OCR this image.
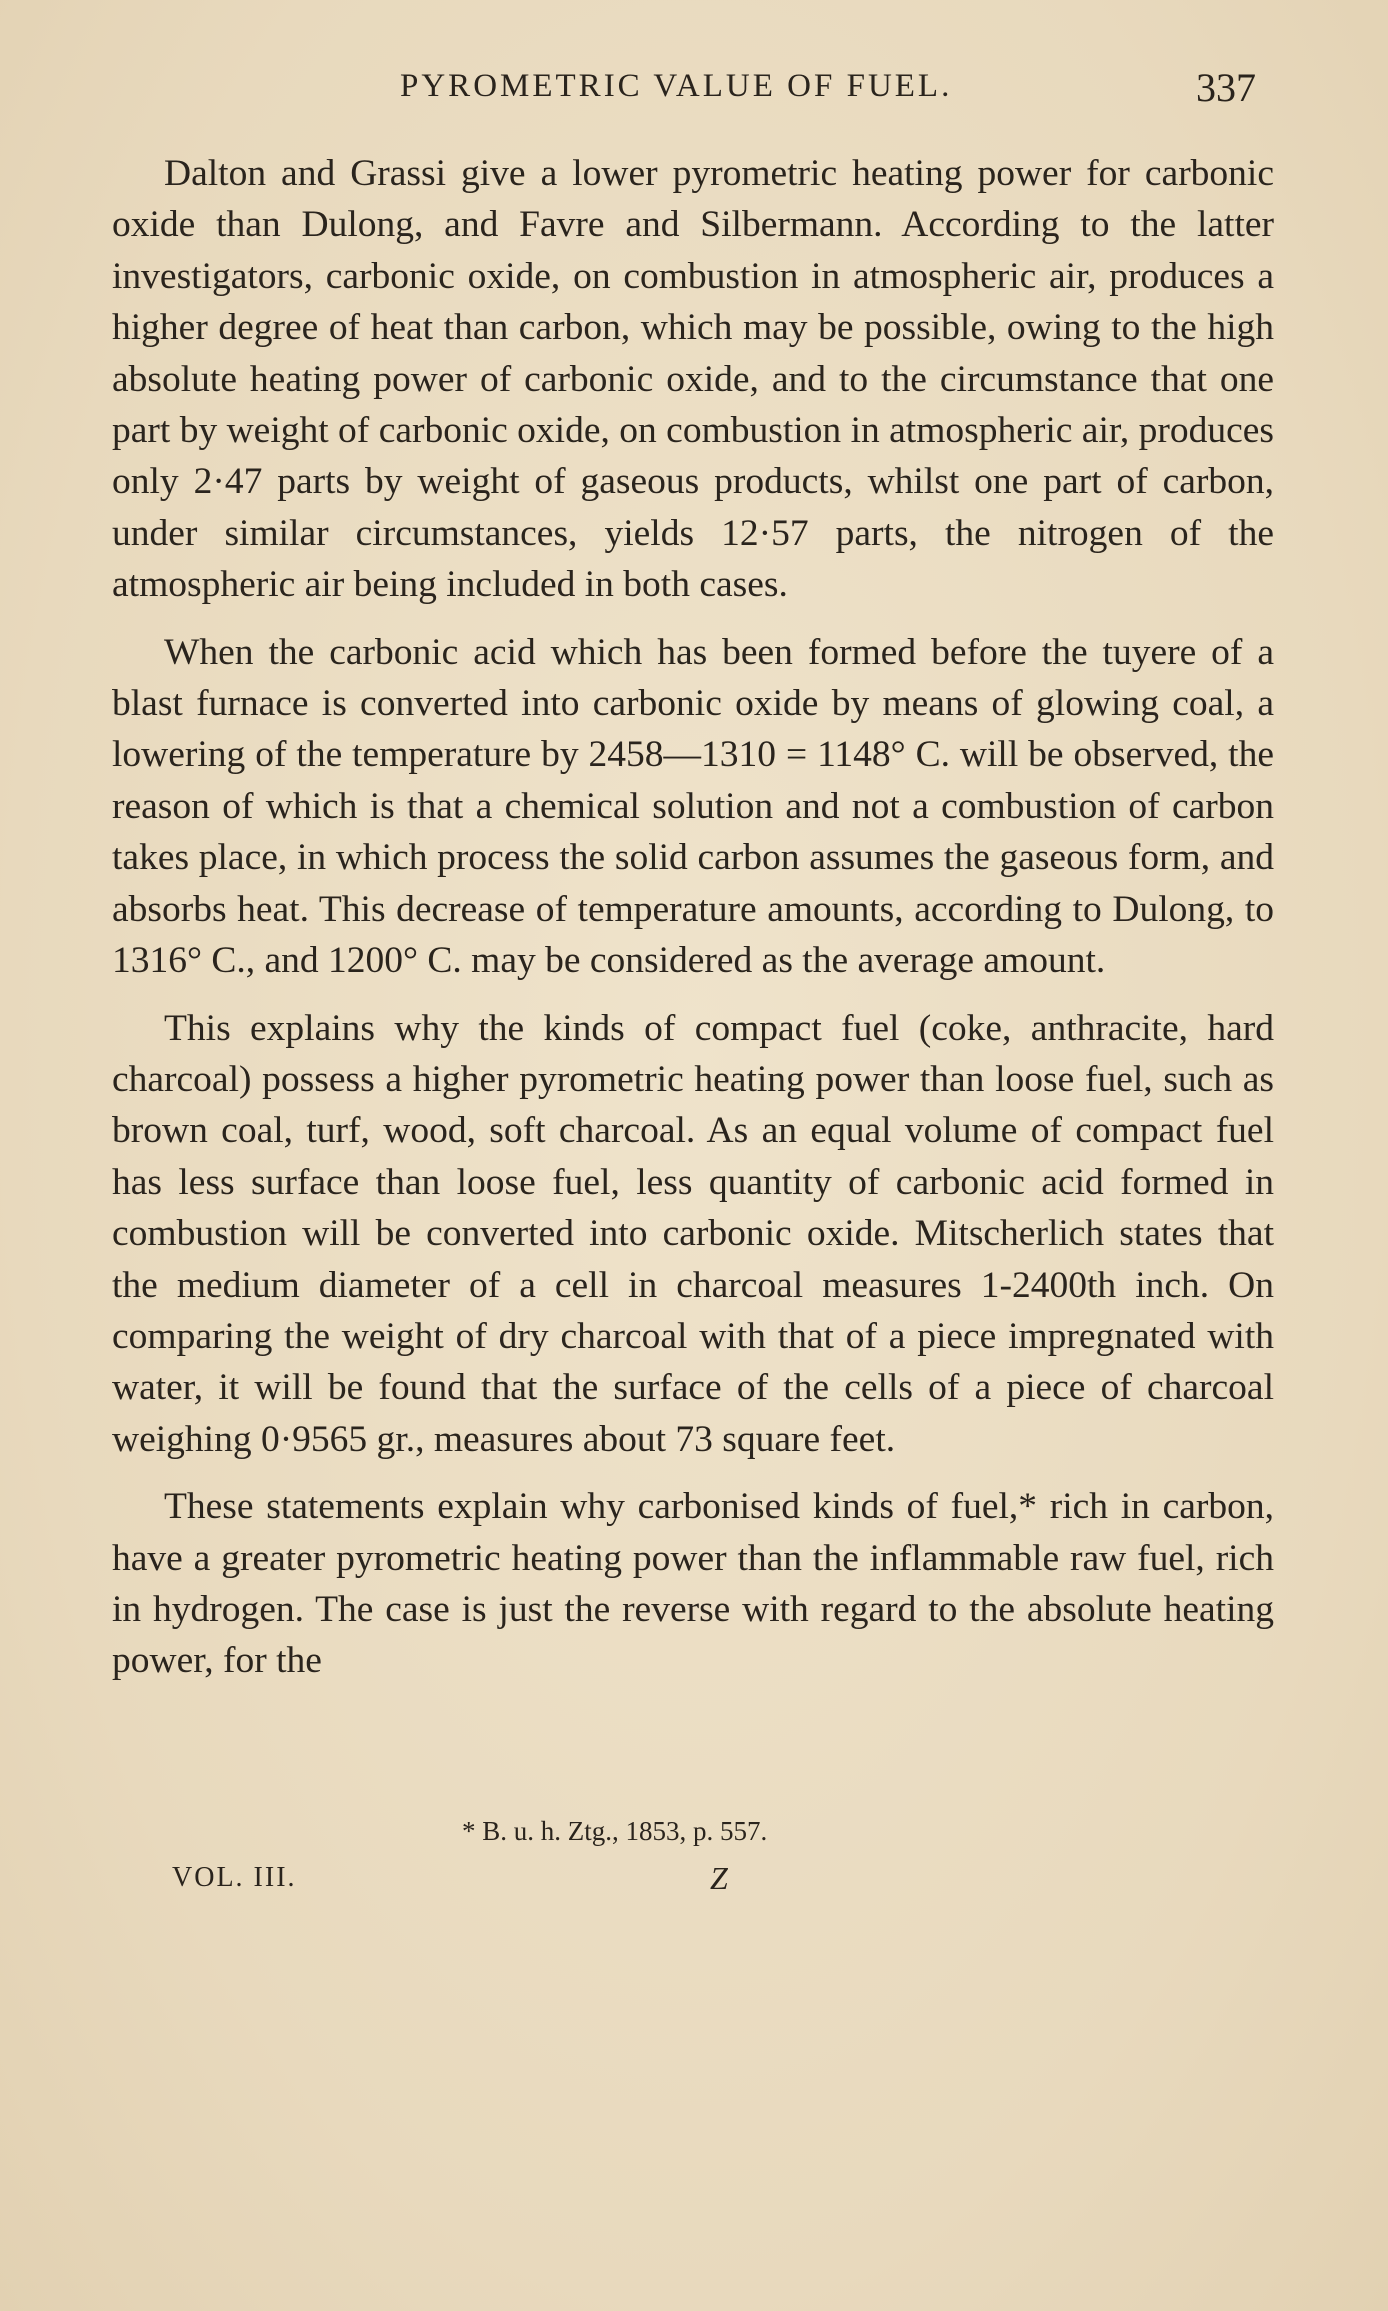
PYROMETRIC VALUE OF FUEL.	337

Dalton and Grassi give a lower pyrometric heating power for carbonic oxide than Dulong, and Favre and Silbermann. According to the latter investigators, carbonic oxide, on combustion in atmospheric air, produces a higher degree of heat than carbon, which may be possible, owing to the high absolute heating power of carbonic oxide, and to the circumstance that one part by weight of carbonic oxide, on combustion in atmospheric air, produces only 2·47 parts by weight of gaseous products, whilst one part of carbon, under similar circumstances, yields 12·57 parts, the nitrogen of the atmospheric air being included in both cases.

When the carbonic acid which has been formed before the tuyere of a blast furnace is converted into carbonic oxide by means of glowing coal, a lowering of the temperature by 2458—1310 = 1148° C. will be observed, the reason of which is that a chemical solution and not a combustion of carbon takes place, in which process the solid carbon assumes the gaseous form, and absorbs heat. This decrease of temperature amounts, according to Dulong, to 1316° C., and 1200° C. may be considered as the average amount.

This explains why the kinds of compact fuel (coke, anthracite, hard charcoal) possess a higher pyrometric heating power than loose fuel, such as brown coal, turf, wood, soft charcoal. As an equal volume of compact fuel has less surface than loose fuel, less quantity of carbonic acid formed in combustion will be converted into carbonic oxide. Mitscherlich states that the medium diameter of a cell in charcoal measures 1-2400th inch. On comparing the weight of dry charcoal with that of a piece impregnated with water, it will be found that the surface of the cells of a piece of charcoal weighing 0·9565 gr., measures about 73 square feet.

These statements explain why carbonised kinds of fuel,* rich in carbon, have a greater pyrometric heating power than the inflammable raw fuel, rich in hydrogen. The case is just the reverse with regard to the absolute heating power, for the

* B. u. h. Ztg., 1853, p. 557.
VOL. III.	Z
